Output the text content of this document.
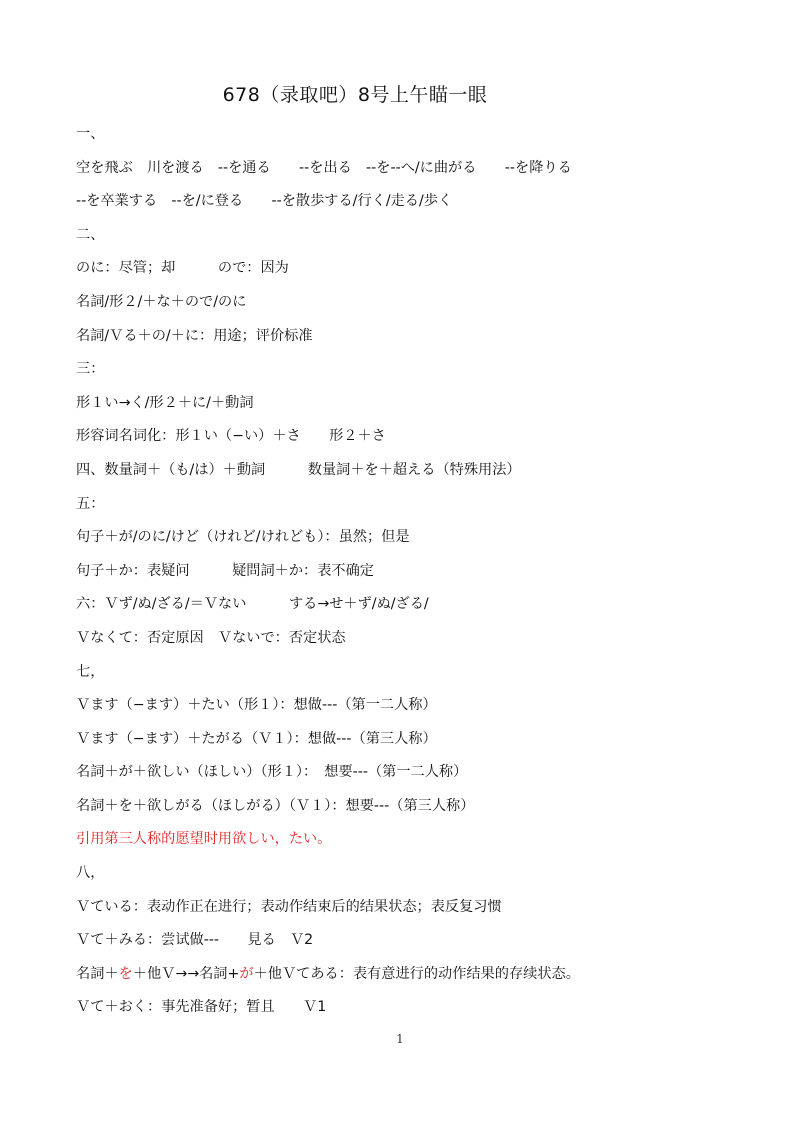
678（录取吧）8号上午瞄一眼
一、
空を飛ぶ　川を渡る　--を通る　　--を出る　--を--へ/に曲がる　　--を降りる
--を卒業する　--を/に登る　　--を散歩する/行く/走る/歩く
二、
のに：尽管；却　　　ので：因为
名詞/形２/＋な＋ので/のに
名詞/Ｖる＋の/＋に：用途；评价标准
三：
形１い→く/形２＋に/＋動詞
形容词名词化：形１い（−い）＋さ　　形２＋さ
四、数量詞＋（も/は）＋動詞　　　数量詞＋を＋超える（特殊用法）
五：
句子＋が/のに/けど（けれど/けれども）：虽然；但是
句子＋か：表疑问　　　疑問詞＋か：表不确定
六：Ｖず/ぬ/ざる/＝Ｖない　　　する→せ＋ず/ぬ/ざる/
Ｖなくて：否定原因　Ｖないで：否定状态
七，
Ｖます（−ます）＋たい（形１）：想做---（第一二人称）
Ｖます（−ます）＋たがる（Ｖ１）：想做---（第三人称）
名詞＋が＋欲しい（ほしい）（形１）：　想要---（第一二人称）
名詞＋を＋欲しがる（ほしがる）（Ｖ１）：想要---（第三人称）
引用第三人称的愿望时用欲しい，たい。
八，
Ｖている：表动作正在进行；表动作结束后的结果状态；表反复习惯
Ｖて＋みる：尝试做---　　見る　Ｖ2
名詞＋を＋他Ｖ→→名詞+が＋他Ｖてある：表有意进行的动作结果的存续状态。
Ｖて＋おく：事先准备好；暂且　　Ｖ1
1
